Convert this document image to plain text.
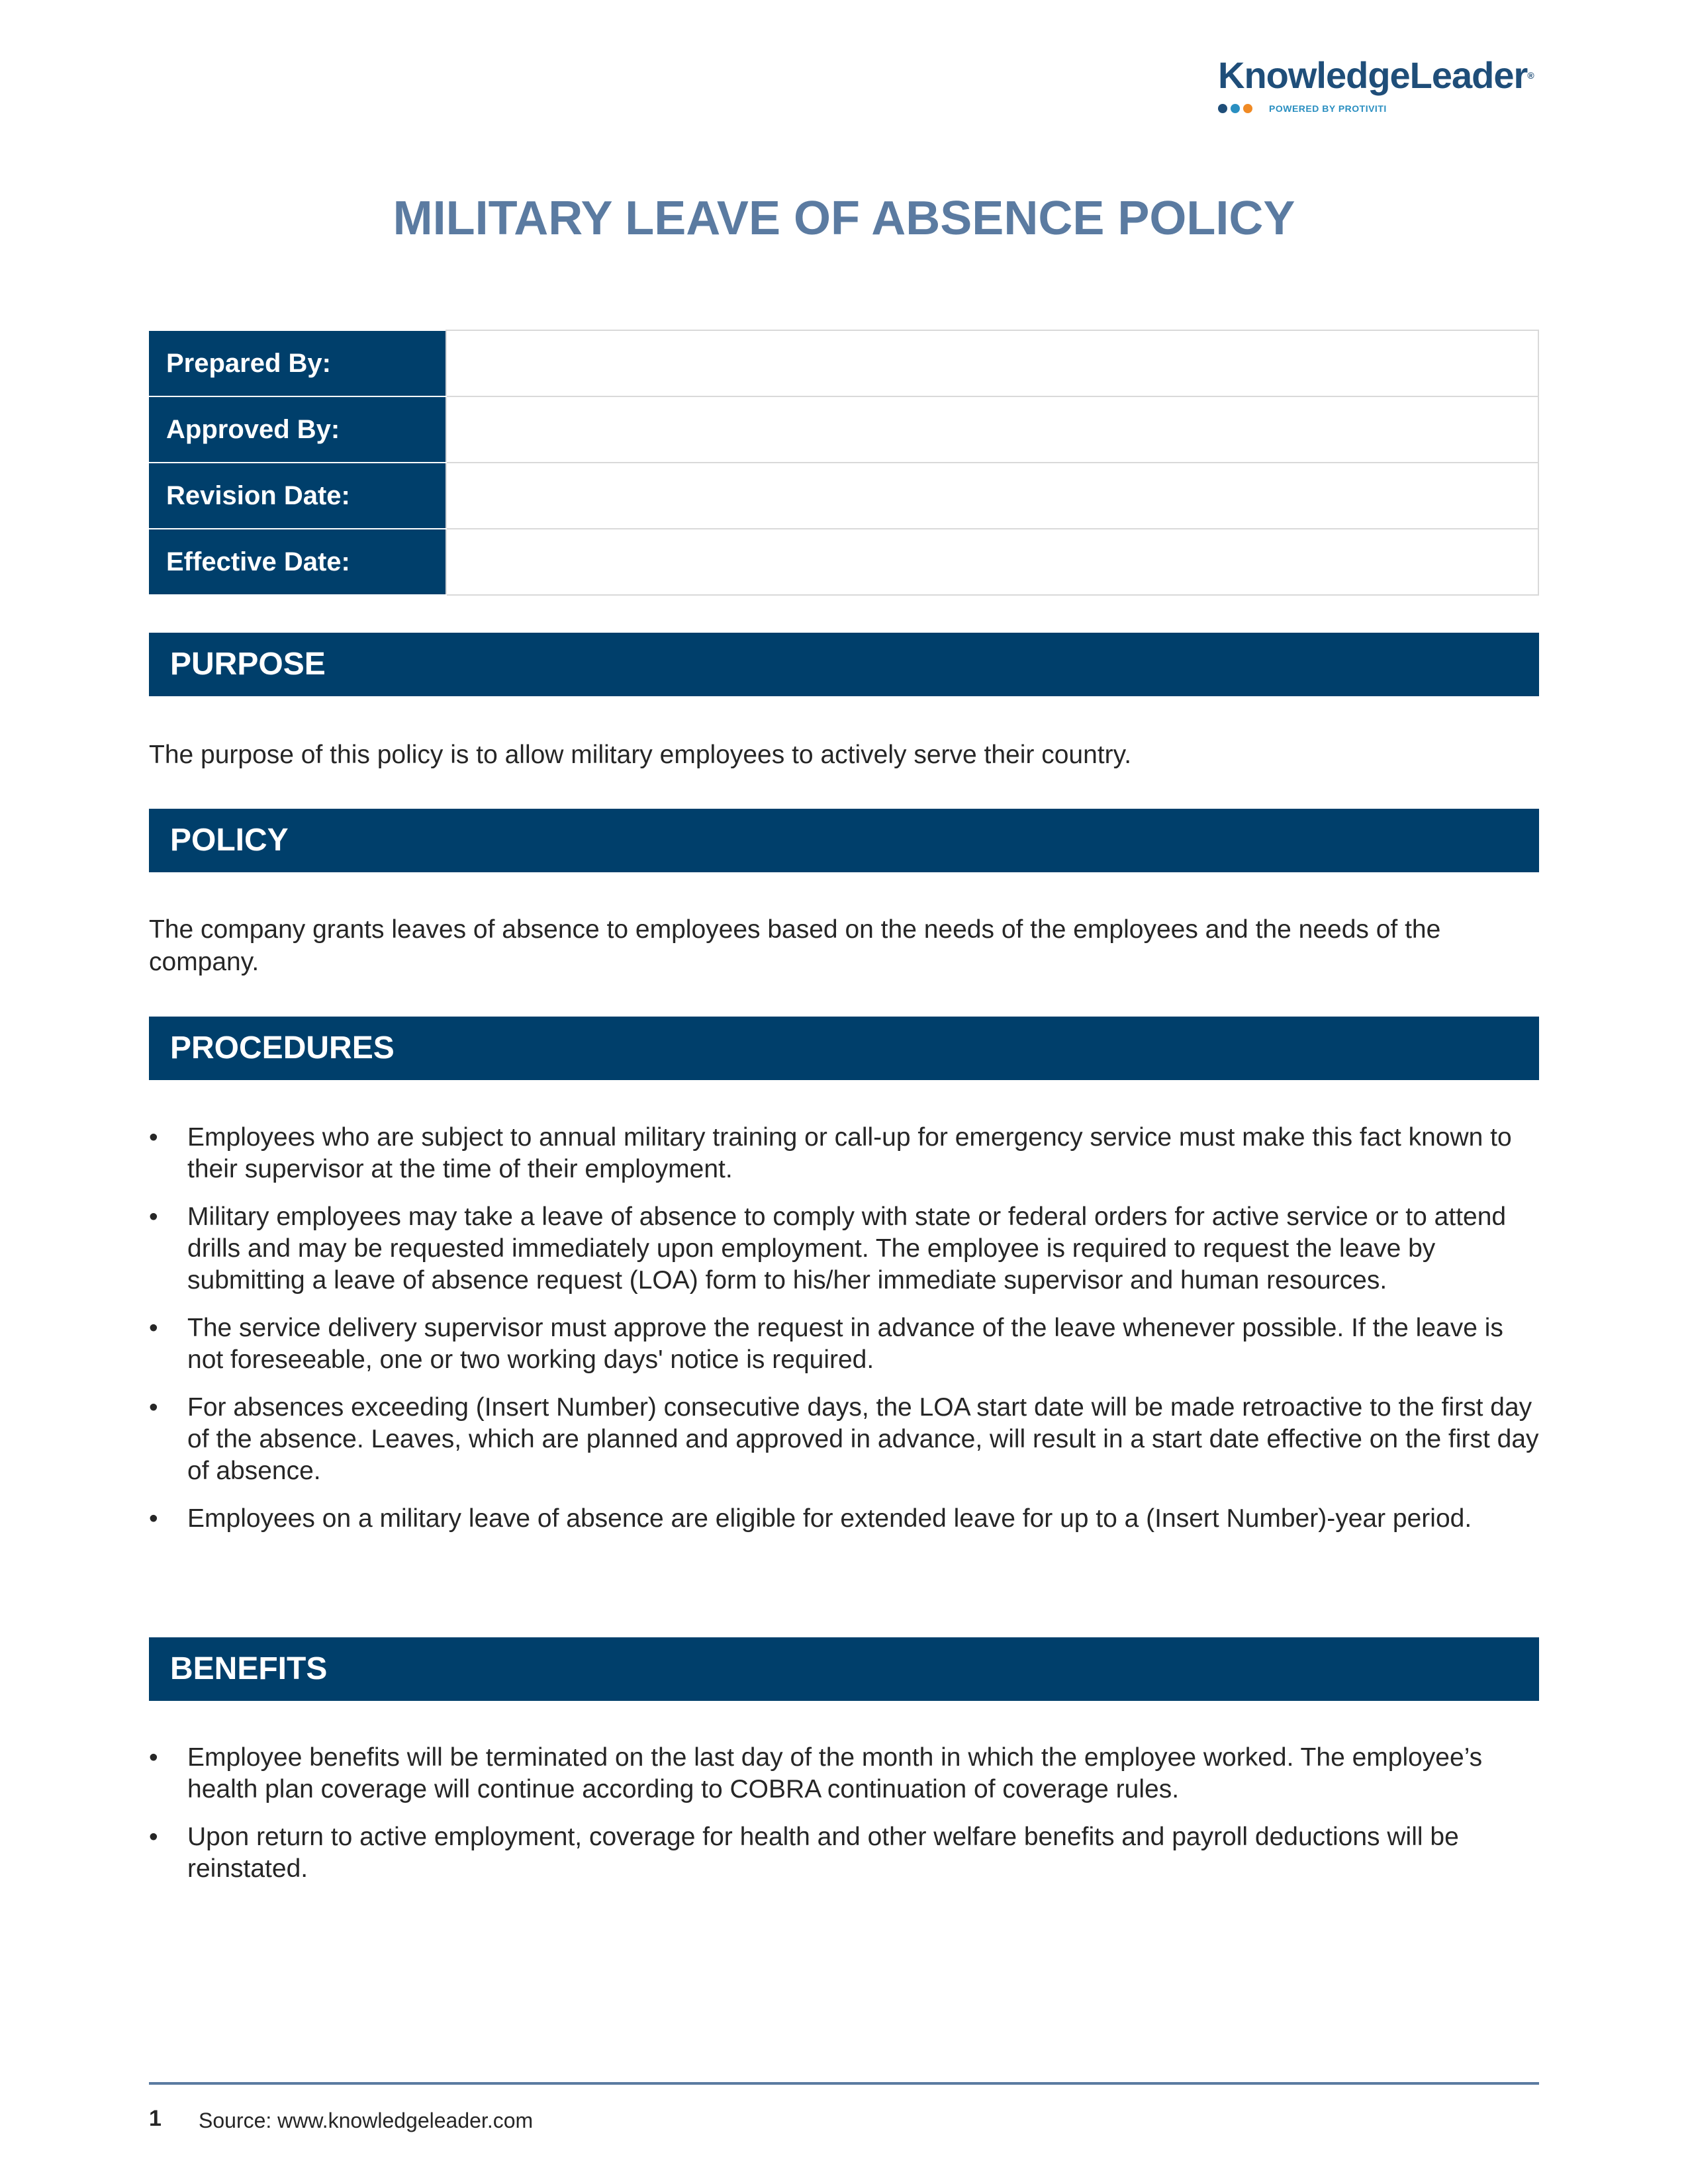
KnowledgeLeader®
POWERED BY PROTIVITI
MILITARY LEAVE OF ABSENCE POLICY
Prepared By:	
Approved By:	
Revision Date:	
Effective Date:	
PURPOSE

The purpose of this policy is to allow military employees to actively serve their country.

POLICY

The company grants leaves of absence to employees based on the needs of the employees and the needs of the company.

PROCEDURES
•	Employees who are subject to annual military training or call-up for emergency service must make this fact known to their supervisor at the time of their employment.
•	Military employees may take a leave of absence to comply with state or federal orders for active service or to attend drills and may be requested immediately upon employment. The employee is required to request the leave by submitting a leave of absence request (LOA) form to his/her immediate supervisor and human resources.
•	The service delivery supervisor must approve the request in advance of the leave whenever possible. If the leave is not foreseeable, one or two working days' notice is required.
•	For absences exceeding (Insert Number) consecutive days, the LOA start date will be made retroactive to the first day of the absence. Leaves, which are planned and approved in advance, will result in a start date effective on the first day of absence.
•	Employees on a military leave of absence are eligible for extended leave for up to a (Insert Number)-year period.
BENEFITS
•	Employee benefits will be terminated on the last day of the month in which the employee worked. The employee’s health plan coverage will continue according to COBRA continuation of coverage rules.
•	Upon return to active employment, coverage for health and other welfare benefits and payroll deductions will be reinstated.
1 Source: www.knowledgeleader.com
